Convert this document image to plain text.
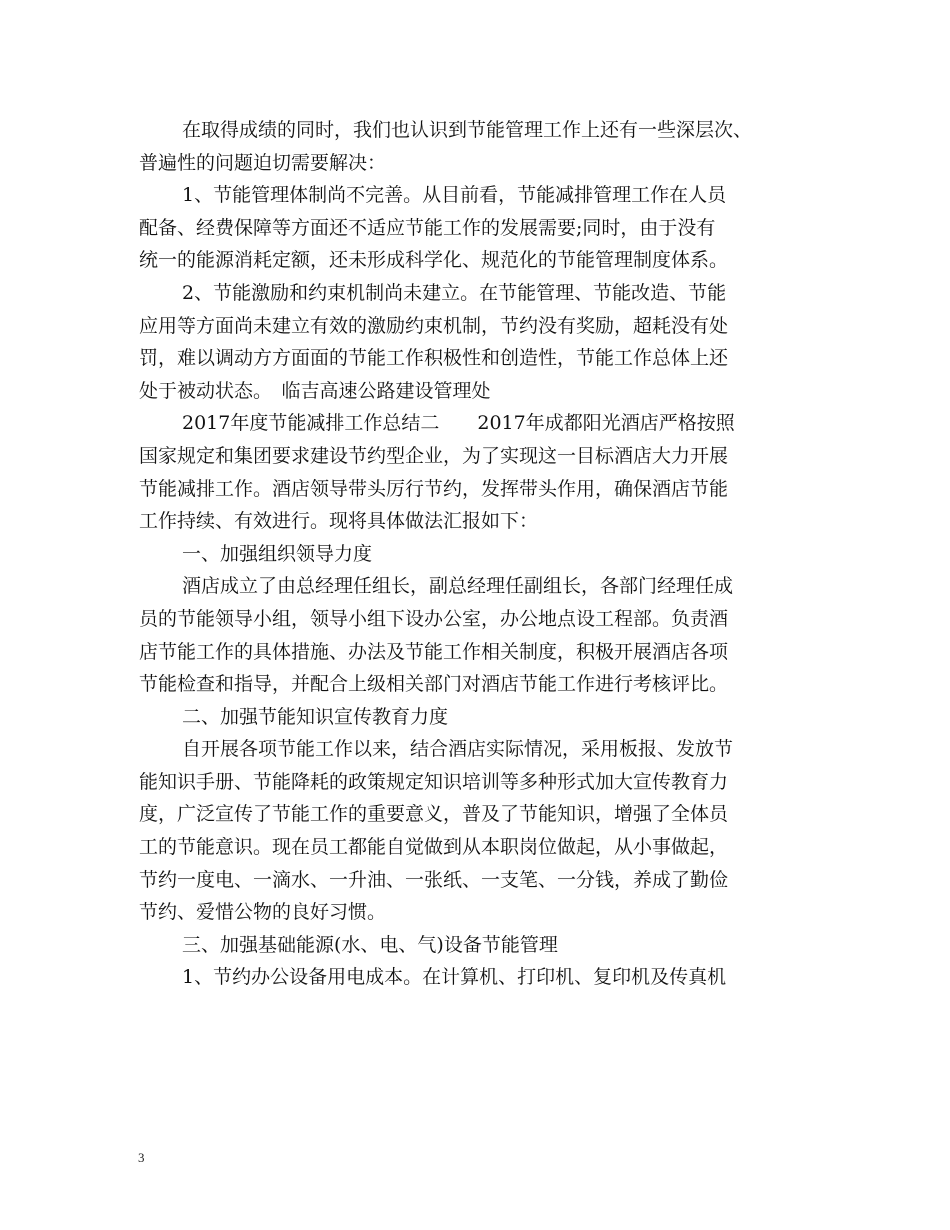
在取得成绩的同时，我们也认识到节能管理工作上还有一些深层次、
普遍性的问题迫切需要解决：
1、节能管理体制尚不完善。从目前看，节能减排管理工作在人员
配备、经费保障等方面还不适应节能工作的发展需要;同时，由于没有
统一的能源消耗定额，还未形成科学化、规范化的节能管理制度体系。
2、节能激励和约束机制尚未建立。在节能管理、节能改造、节能
应用等方面尚未建立有效的激励约束机制，节约没有奖励，超耗没有处
罚，难以调动方方面面的节能工作积极性和创造性，节能工作总体上还
处于被动状态。　临吉高速公路建设管理处
2017年度节能减排工作总结二　　2017年成都阳光酒店严格按照
国家规定和集团要求建设节约型企业，为了实现这一目标酒店大力开展
节能减排工作。酒店领导带头厉行节约，发挥带头作用，确保酒店节能
工作持续、有效进行。现将具体做法汇报如下：
一、加强组织领导力度
酒店成立了由总经理任组长，副总经理任副组长，各部门经理任成
员的节能领导小组，领导小组下设办公室，办公地点设工程部。负责酒
店节能工作的具体措施、办法及节能工作相关制度，积极开展酒店各项
节能检查和指导，并配合上级相关部门对酒店节能工作进行考核评比。
二、加强节能知识宣传教育力度
自开展各项节能工作以来，结合酒店实际情况，采用板报、发放节
能知识手册、节能降耗的政策规定知识培训等多种形式加大宣传教育力
度，广泛宣传了节能工作的重要意义，普及了节能知识，增强了全体员
工的节能意识。现在员工都能自觉做到从本职岗位做起，从小事做起，
节约一度电、一滴水、一升油、一张纸、一支笔、一分钱，养成了勤俭
节约、爱惜公物的良好习惯。
三、加强基础能源(水、电、气)设备节能管理
1、节约办公设备用电成本。在计算机、打印机、复印机及传真机

3
